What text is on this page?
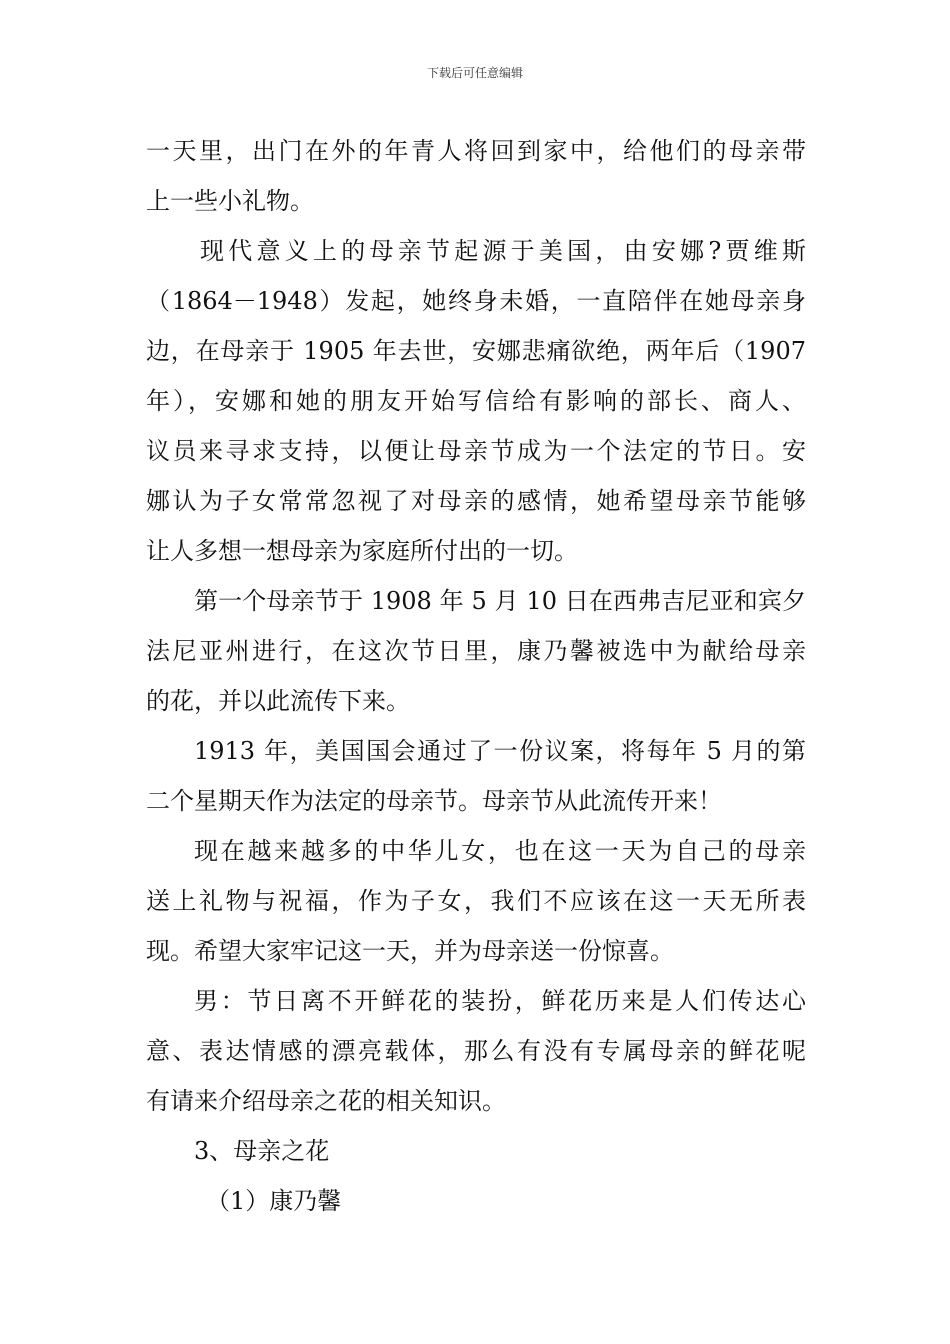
下载后可任意编辑
一天里，出门在外的年青人将回到家中，给他们的母亲带
上一些小礼物。
现代意义上的母亲节起源于美国，由安娜?贾维斯
（1864－1948）发起，她终身未婚，一直陪伴在她母亲身
边，在母亲于 1905 年去世，安娜悲痛欲绝，两年后（1907
年），安娜和她的朋友开始写信给有影响的部长、商人、
议员来寻求支持，以便让母亲节成为一个法定的节日。安
娜认为子女常常忽视了对母亲的感情，她希望母亲节能够
让人多想一想母亲为家庭所付出的一切。
第一个母亲节于 1908 年 5 月 10 日在西弗吉尼亚和宾夕
法尼亚州进行，在这次节日里，康乃馨被选中为献给母亲
的花，并以此流传下来。
1913 年，美国国会通过了一份议案，将每年 5 月的第
二个星期天作为法定的母亲节。母亲节从此流传开来！
现在越来越多的中华儿女，也在这一天为自己的母亲
送上礼物与祝福，作为子女，我们不应该在这一天无所表
现。希望大家牢记这一天，并为母亲送一份惊喜。
男：节日离不开鲜花的装扮，鲜花历来是人们传达心
意、表达情感的漂亮载体，那么有没有专属母亲的鲜花呢
有请来介绍母亲之花的相关知识。
3、母亲之花
（1）康乃馨
